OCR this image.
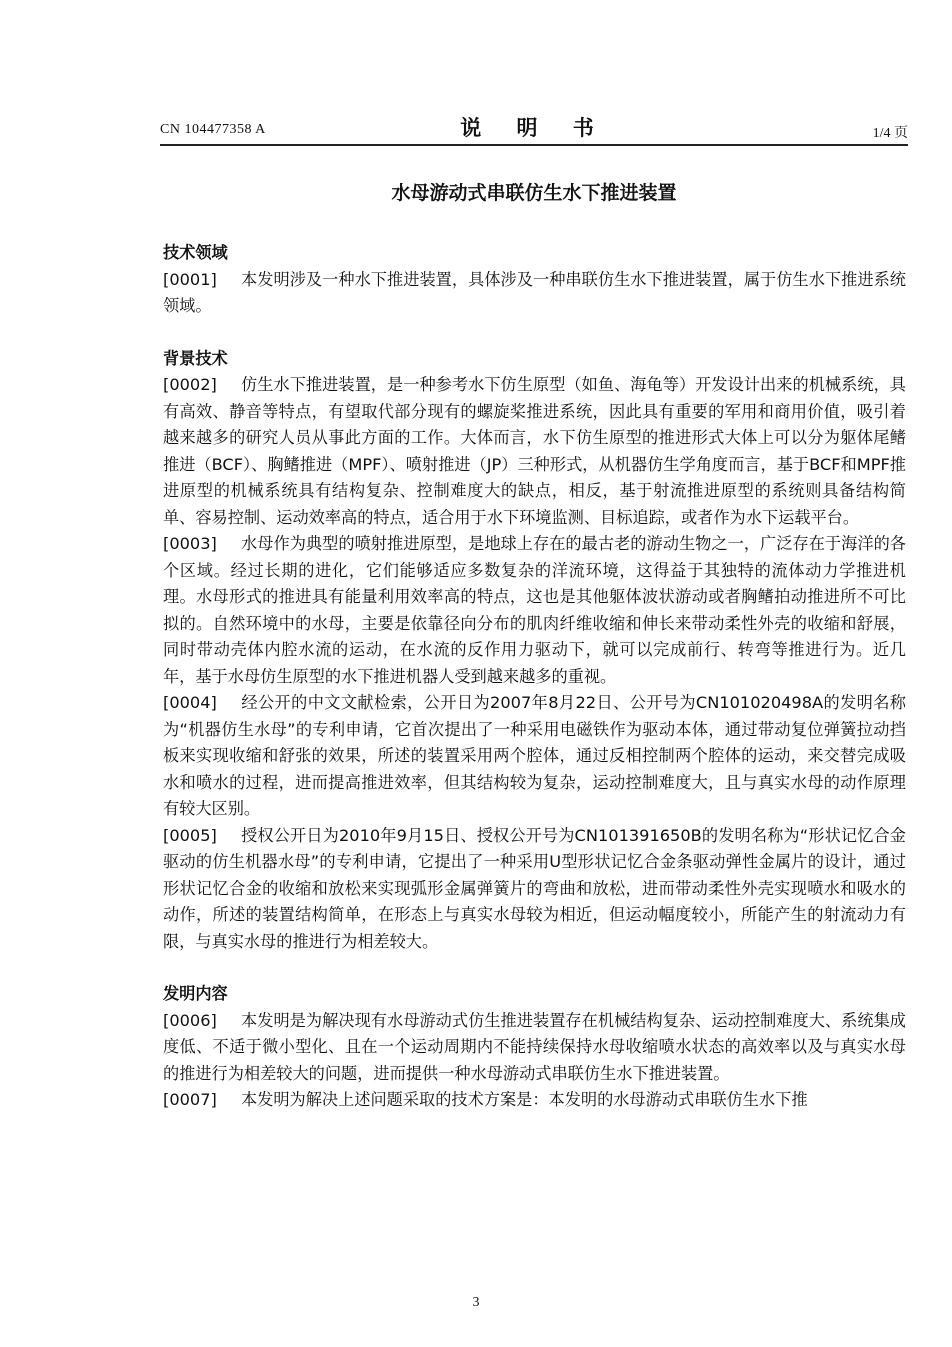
CN 104477358 A	说 明 书	1/4 页
水母游动式串联仿生水下推进装置

技术领域

[0001] 本发明涉及一种水下推进装置，具体涉及一种串联仿生水下推进装置，属于仿生水下推进系统领域。

背景技术

[0002] 仿生水下推进装置，是一种参考水下仿生原型（如鱼、海龟等）开发设计出来的机械系统，具有高效、静音等特点，有望取代部分现有的螺旋桨推进系统，因此具有重要的军用和商用价值，吸引着越来越多的研究人员从事此方面的工作。大体而言，水下仿生原型的推进形式大体上可以分为躯体尾鳍推进（BCF）、胸鳍推进（MPF）、喷射推进（JP）三种形式，从机器仿生学角度而言，基于BCF和MPF推进原型的机械系统具有结构复杂、控制难度大的缺点，相反，基于射流推进原型的系统则具备结构简单、容易控制、运动效率高的特点，适合用于水下环境监测、目标追踪，或者作为水下运载平台。

[0003] 水母作为典型的喷射推进原型，是地球上存在的最古老的游动生物之一，广泛存在于海洋的各个区域。经过长期的进化，它们能够适应多数复杂的洋流环境，这得益于其独特的流体动力学推进机理。水母形式的推进具有能量利用效率高的特点，这也是其他躯体波状游动或者胸鳍拍动推进所不可比拟的。自然环境中的水母，主要是依靠径向分布的肌肉纤维收缩和伸长来带动柔性外壳的收缩和舒展，同时带动壳体内腔水流的运动，在水流的反作用力驱动下，就可以完成前行、转弯等推进行为。近几年，基于水母仿生原型的水下推进机器人受到越来越多的重视。

[0004] 经公开的中文文献检索，公开日为2007年8月22日、公开号为CN101020498A的发明名称为“机器仿生水母”的专利申请，它首次提出了一种采用电磁铁作为驱动本体，通过带动复位弹簧拉动挡板来实现收缩和舒张的效果，所述的装置采用两个腔体，通过反相控制两个腔体的运动，来交替完成吸水和喷水的过程，进而提高推进效率，但其结构较为复杂，运动控制难度大，且与真实水母的动作原理有较大区别。

[0005] 授权公开日为2010年9月15日、授权公开号为CN101391650B的发明名称为“形状记忆合金驱动的仿生机器水母”的专利申请，它提出了一种采用U型形状记忆合金条驱动弹性金属片的设计，通过形状记忆合金的收缩和放松来实现弧形金属弹簧片的弯曲和放松，进而带动柔性外壳实现喷水和吸水的动作，所述的装置结构简单，在形态上与真实水母较为相近，但运动幅度较小，所能产生的射流动力有限，与真实水母的推进行为相差较大。

发明内容

[0006] 本发明是为解决现有水母游动式仿生推进装置存在机械结构复杂、运动控制难度大、系统集成度低、不适于微小型化、且在一个运动周期内不能持续保持水母收缩喷水状态的高效率以及与真实水母的推进行为相差较大的问题，进而提供一种水母游动式串联仿生水下推进装置。

[0007] 本发明为解决上述问题采取的技术方案是：本发明的水母游动式串联仿生水下推

3
